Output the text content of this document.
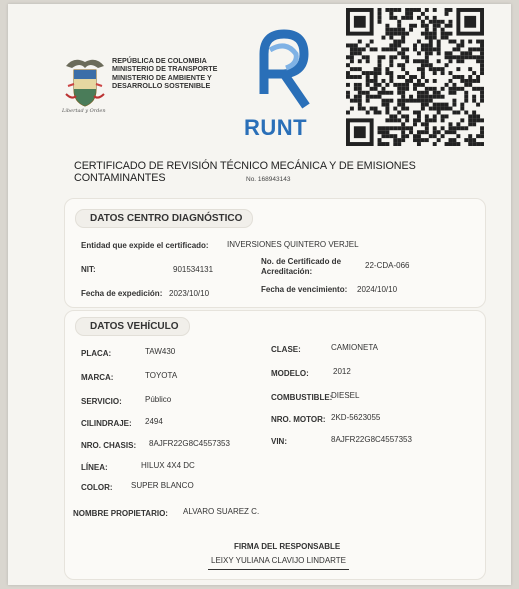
Libertad y Orden
REPÚBLICA DE COLOMBIA
MINISTERIO DE TRANSPORTE
MINISTERIO DE AMBIENTE Y
DESARROLLO SOSTENIBLE
RUNT
CERTIFICADO DE REVISIÓN TÉCNICO MECÁNICA Y DE EMISIONES CONTAMINANTES	No. 168943143
DATOS CENTRO DIAGNÓSTICO
Entidad que expide el certificado: INVERSIONES QUINTERO VERJEL
NIT:	901534131
No. de Certificado de
Acreditación:
22-CDA-066
Fecha de expedición: 2023/10/10	Fecha de vencimiento: 2024/10/10
DATOS VEHÍCULO
PLACA:	TAW430	CLASE:	CAMIONETA
MARCA:	TOYOTA	MODELO:	2012
SERVICIO:	Público	COMBUSTIBLE:
DIESEL
CILINDRAJE: 2494	NRO. MOTOR: 2KD-5623055
NRO. CHASIS: 8AJFR22G8C4557353	VIN:	8AJFR22G8C4557353
LÍNEA:	HILUX 4X4 DC
COLOR: SUPER BLANCO
NOMBRE PROPIETARIO: ALVARO SUAREZ C.
FIRMA DEL RESPONSABLE
LEIXY YULIANA CLAVIJO LINDARTE
